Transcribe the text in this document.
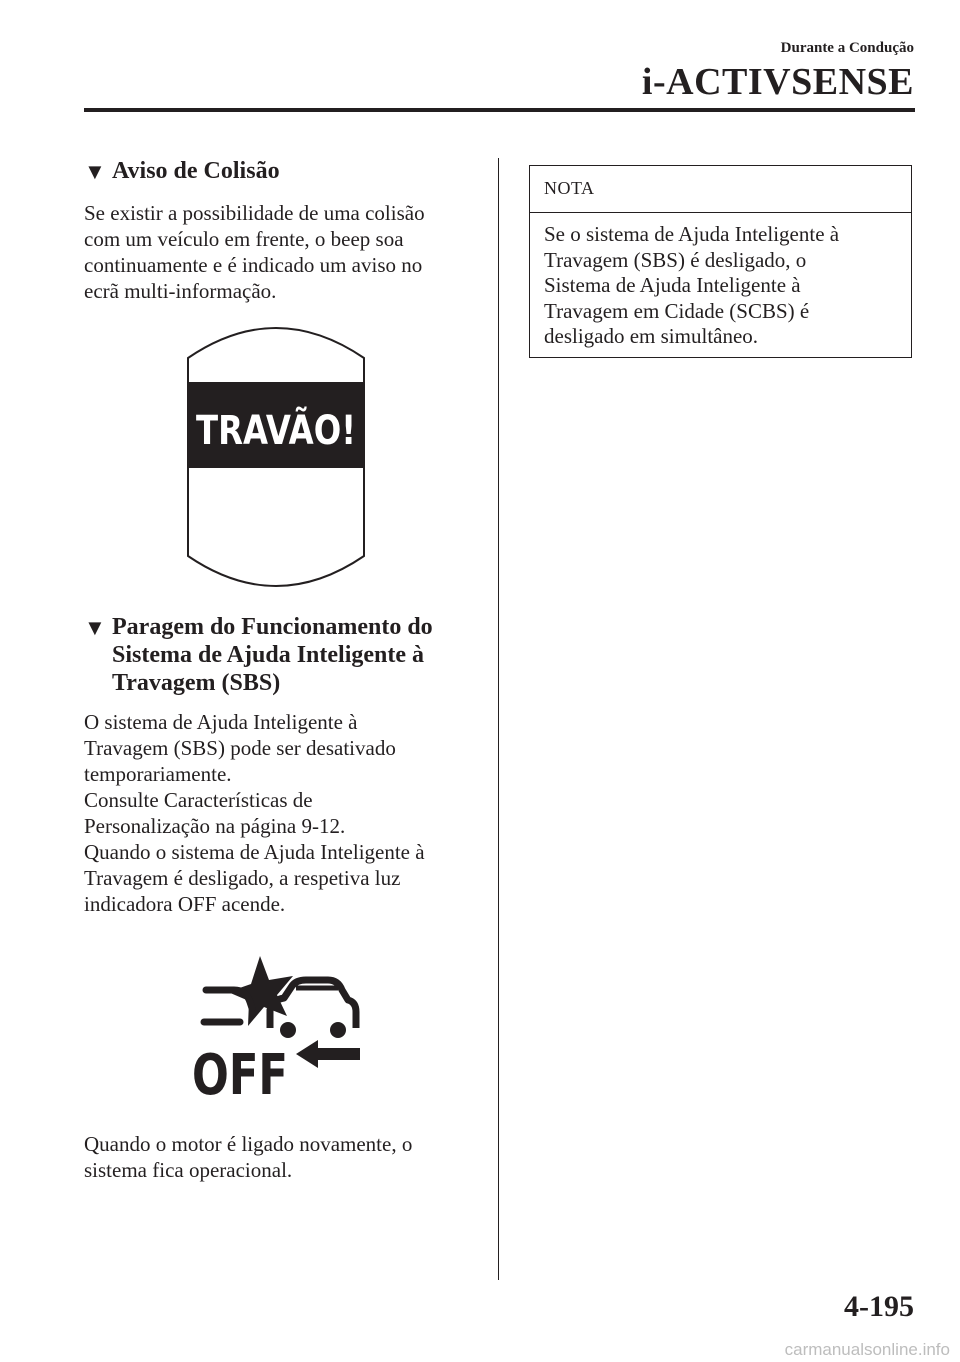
Durante a Condução
i-ACTIVSENSE
▼ Aviso de Colisão

Se existir a possibilidade de uma colisão

com um veículo em frente, o beep soa

continuamente e é indicado um aviso no

ecrã multi-informação.

TRAVÃO!
▼ Paragem do Funcionamento do
Sistema de Ajuda Inteligente à
Travagem (SBS)

O sistema de Ajuda Inteligente à

Travagem (SBS) pode ser desativado

temporariamente.

Consulte Características de

Personalização na página 9-12.

Quando o sistema de Ajuda Inteligente à

Travagem é desligado, a respetiva luz

indicadora OFF acende.

OFF

Quando o motor é ligado novamente, o

sistema fica operacional.

NOTA

Se o sistema de Ajuda Inteligente à

Travagem (SBS) é desligado, o

Sistema de Ajuda Inteligente à

Travagem em Cidade (SCBS) é

desligado em simultâneo.

4-195
carmanualsonline.info
